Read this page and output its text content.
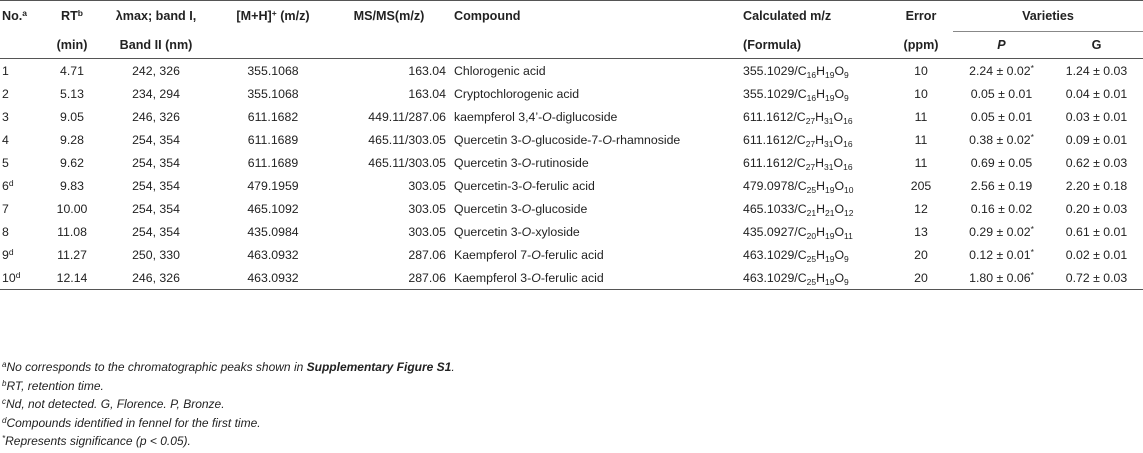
No.$^a$	$RT^b$	λmax; band I,	[M+H]+ (m/z)	MS/MS(m/z)	Compound	Calculated m/z	Error	Varieties	
	(min)	Band II (nm)				(Formula)	(ppm)	P	G
1	4.71	242, 326	355.1068	163.04	Chlorogenic acid	$355.1029/C_{16}H_{19}O_9$	10	2.24 ± 0.02*	1.24 ± 0.03
2	5.13	234, 294	355.1068	163.04	Cryptochlorogenic acid	$355.1029/C_{16}H_{19}O_9$	10	0.05 ± 0.01	0.04 ± 0.01
3	9.05	246, 326	611.1682	449.11/287.06	kaempferol 3,4’-O-diglucoside	$611.1612/C_{27}H_{31}O_{16}$	11	0.05 ± 0.01	0.03 ± 0.01
4	9.28	254, 354	611.1689	465.11/303.05	Quercetin 3-O-glucoside-7-O-rhamnoside	$611.1612/C_{27}H_{31}O_{16}$	11	0.38 ± 0.02*	0.09 ± 0.01
5	9.62	254, 354	611.1689	465.11/303.05	Quercetin 3-O-rutinoside	$611.1612/C_{27}H_{31}O_{16}$	11	0.69 ± 0.05	0.62 ± 0.03
6$^d$	9.83	254, 354	479.1959	303.05	Quercetin-3-O-ferulic acid	$479.0978/C_{25}H_{19}O_{10}$	205	2.56 ± 0.19	2.20 ± 0.18
7	10.00	254, 354	465.1092	303.05	Quercetin 3-O-glucoside	$465.1033/C_{21}H_{21}O_{12}$	12	0.16 ± 0.02	0.20 ± 0.03
8	11.08	254, 354	435.0984	303.05	Quercetin 3-O-xyloside	$435.0927/C_{20}H_{19}O_{11}$	13	0.29 ± 0.02*	0.61 ± 0.01
9$^d$	11.27	250, 330	463.0932	287.06	Kaempferol 7-O-ferulic acid	$463.1029/C_{25}H_{19}O_9$	20	0.12 ± 0.01*	0.02 ± 0.01
10$^d$	12.14	246, 326	463.0932	287.06	Kaempferol 3-O-ferulic acid	$463.1029/C_{25}H_{19}O_9$	20	1.80 ± 0.06*	0.72 ± 0.03
$^a$No corresponds to the chromatographic peaks shown in Supplementary Figure S1.
$^b$RT, retention time.
$^c$Nd, not detected. G, Florence. P, Bronze.
$^d$Compounds identified in fennel for the first time.
*Represents significance (p < 0.05).
